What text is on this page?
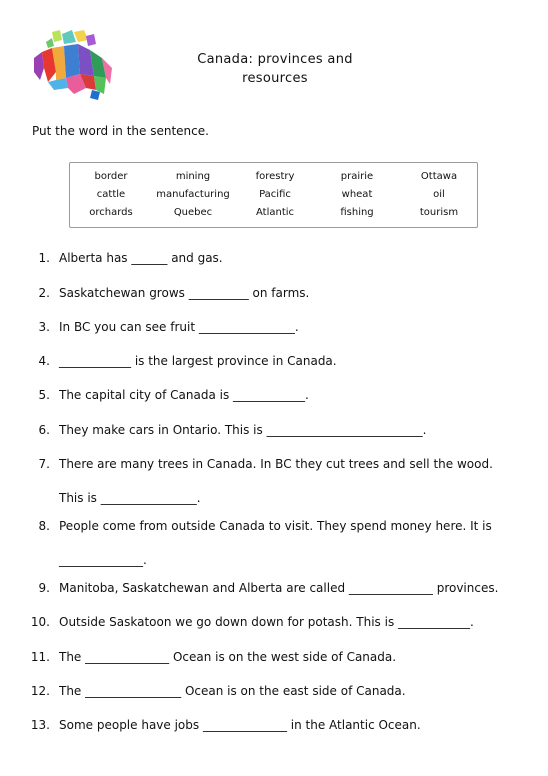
Canada: provinces and
resources
Put the word in the sentence.
border	mining	forestry	prairie	Ottawa
cattle	manufacturing	Pacific	wheat	oil
orchards	Quebec	Atlantic	fishing	tourism
1. Alberta has ______ and gas.
2. Saskatchewan grows __________ on farms.
3. In BC you can see fruit ________________.
4. ____________ is the largest province in Canada.
5. The capital city of Canada is ____________.
6. They make cars in Ontario. This is __________________________.
7. There are many trees in Canada. In BC they cut trees and sell the wood.
This is ________________.
8. People come from outside Canada to visit. They spend money here. It is
______________.
9. Manitoba, Saskatchewan and Alberta are called ______________ provinces.
10. Outside Saskatoon we go down down for potash. This is ____________.
11. The ______________ Ocean is on the west side of Canada.
12. The ________________ Ocean is on the east side of Canada.
13. Some people have jobs ______________ in the Atlantic Ocean.
